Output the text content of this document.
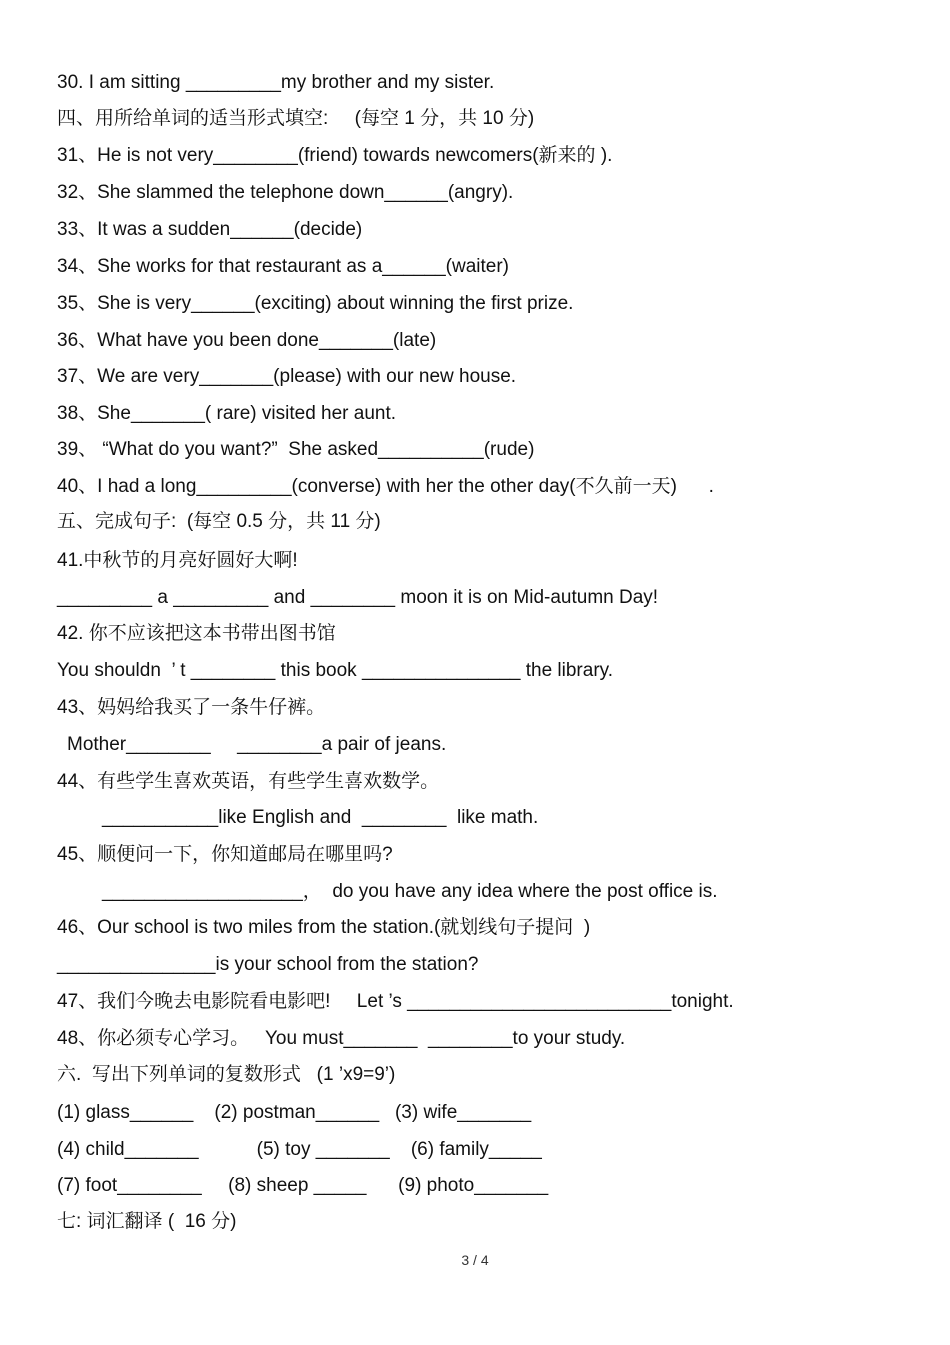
30. I am sitting _________my brother and my sister.
四、用所给单词的适当形式填空:     (每空 1 分，共 10 分)
31、He is not very________(friend) towards newcomers(新来的 ).
32、She slammed the telephone down______(angry).
33、It was a sudden______(decide)
34、She works for that restaurant as a______(waiter)
35、She is very______(exciting) about winning the first prize.
36、What have you been done_______(late)
37、We are very_______(please) with our new house.
38、She_______( rare) visited her aunt.
39、 “What do you want?”  She asked__________(rude)
40、I had a long_________(converse) with her the other day(不久前一天)      .
五、完成句子:  (每空 0.5 分，共 11 分)
41.中秋节的月亮好圆好大啊!
_________ a _________ and ________ moon it is on Mid-autumn Day!
42. 你不应该把这本书带出图书馆
You shouldn  ’ t ________ this book _______________ the library.
43、妈妈给我买了一条牛仔裤。
Mother________     ________a pair of jeans.
44、有些学生喜欢英语，有些学生喜欢数学。
___________like English and  ________  like math.
45、顺便问一下，你知道邮局在哪里吗?
___________________，  do you have any idea where the post office is.
46、Our school is two miles from the station.(就划线句子提问  )
_______________is your school from the station?
47、我们今晚去电影院看电影吧!     Let ’s _________________________tonight.
48、你必须专心学习。   You must_______  ________to your study.
六.  写出下列单词的复数形式   (1 ’x9=9’)
(1) glass______    (2) postman______   (3) wife_______
(4) child_______           (5) toy _______    (6) family_____
(7) foot________     (8) sheep _____      (9) photo_______
七: 词汇翻译 (  16 分)
3 / 4
